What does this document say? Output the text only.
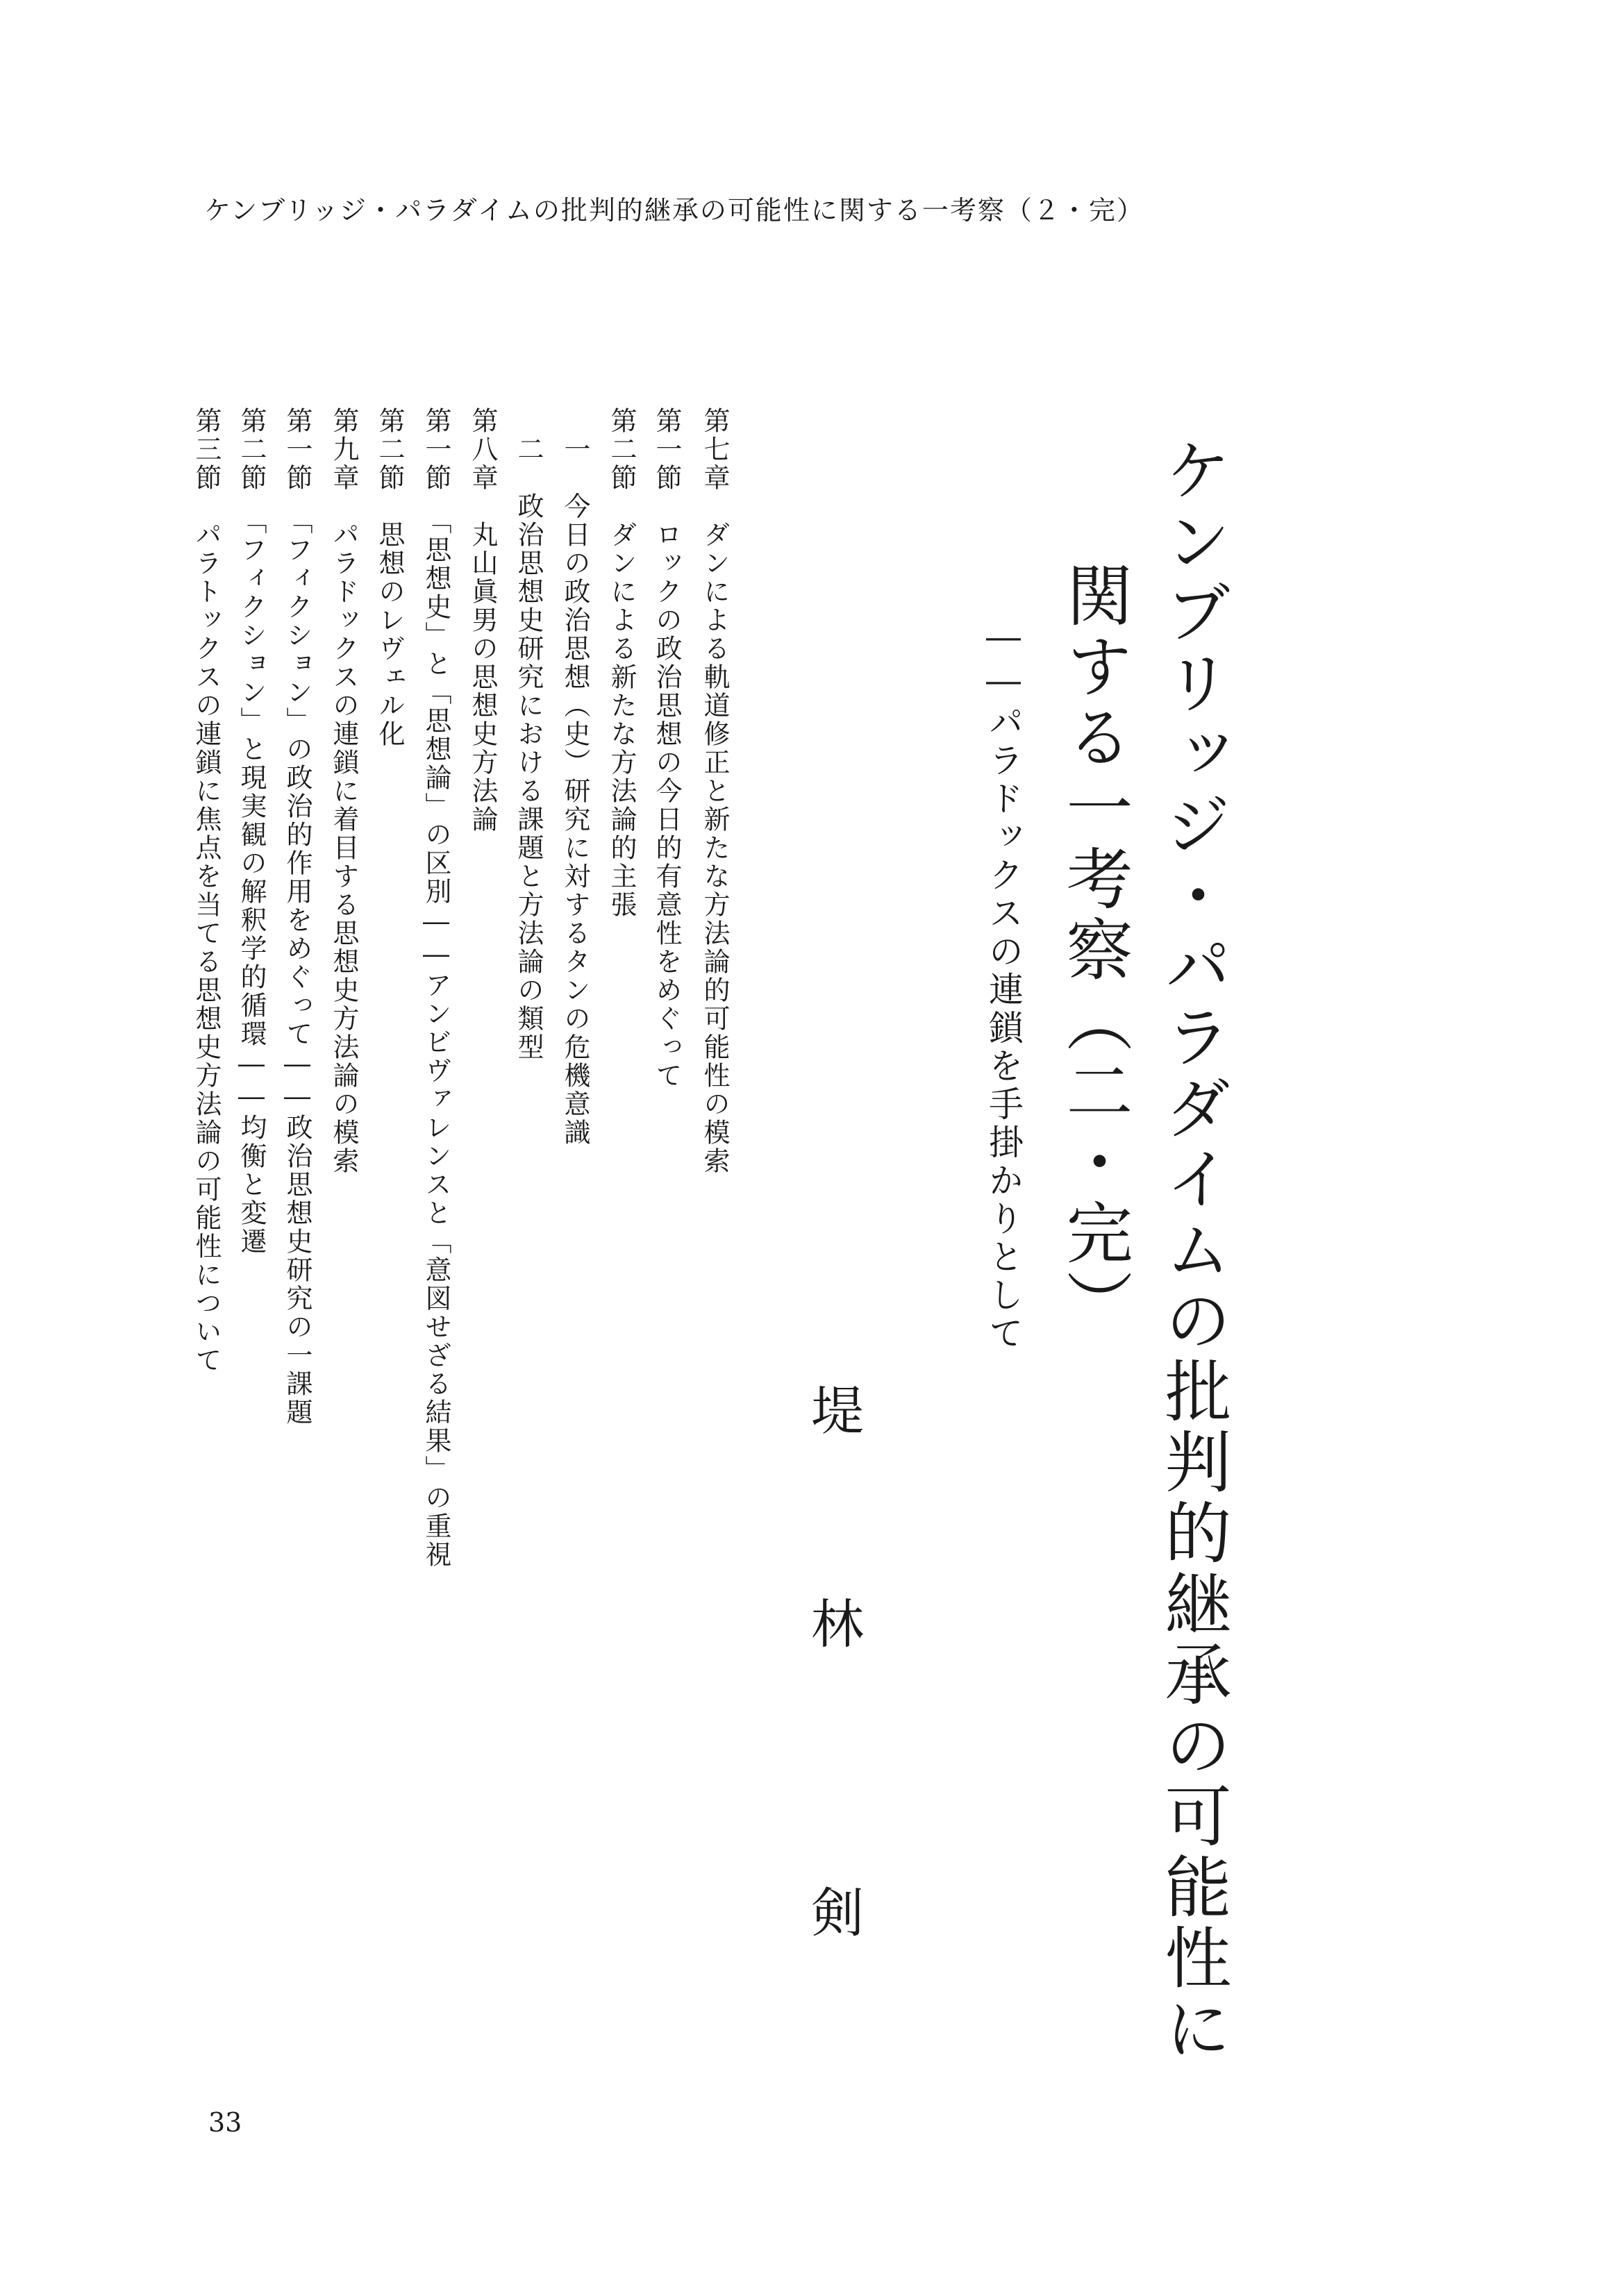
ケンブリッジ・パラダイムの批判的継承の可能性に関する一考察（２・完）
ケンブリッジ・パラダイムの批判的継承の可能性に
関する一考察（二・完）
――パラドックスの連鎖を手掛かりとして
堤
林
剣
第七章　ダンによる軌道修正と新たな方法論的可能性の模索
第一節　ロックの政治思想の今日的有意性をめぐって
第二節　ダンによる新たな方法論的主張
　一　今日の政治思想（史）研究に対するタンの危機意識
　二　政治思想史研究における課題と方法論の類型
第八章　丸山眞男の思想史方法論
第一節　「思想史」と「思想論」の区別――アンビヴァレンスと「意図せざる結果」の重視
第二節　思想のレヴェル化
第九章　パラドックスの連鎖に着目する思想史方法論の模索
第一節　「フィクション」の政治的作用をめぐって――政治思想史研究の一課題
第二節　「フィクション」と現実観の解釈学的循環――均衡と変遷
第三節　パラトックスの連鎖に焦点を当てる思想史方法論の可能性について
33
